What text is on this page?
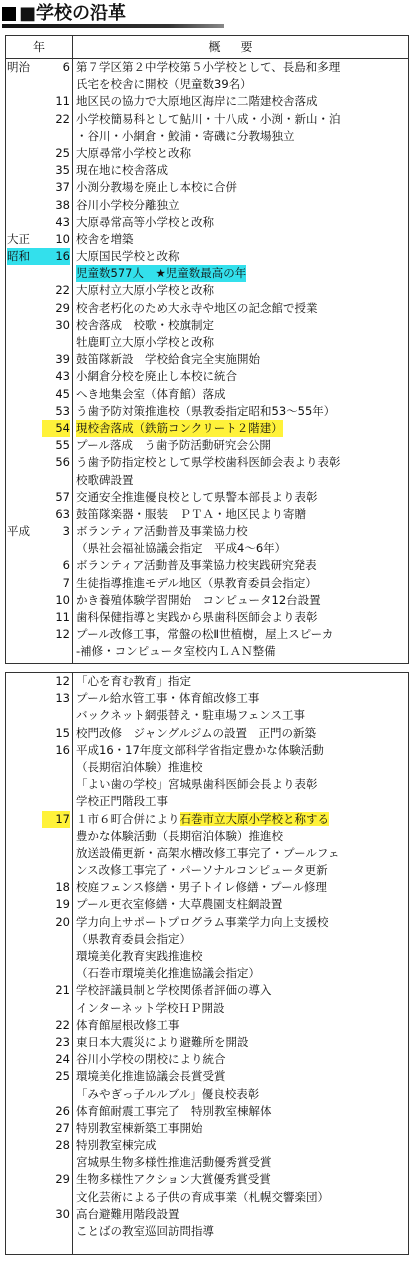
■学校の沿革
年	概要
明治	6 第７学区第２中学校第５小学校として、長島和多理
氏宅を校舎に開校（児童数39名）
11 地区民の協力で大原地区海岸に二階建校舎落成
22 小学校簡易科として鮎川・十八成・小渕・新山・泊
・谷川・小網倉・鮫浦・寄磯に分教場独立
25 大原尋常小学校と改称
35 現在地に校舎落成
37 小渕分教場を廃止し本校に合併
38 谷川小学校分離独立
43 大原尋常高等小学校と改称
大正	10 校舎を増築
昭和	16 大原国民学校と改称
児童数577人　★児童数最高の年
22 大原村立大原小学校と改称
29 校舎老朽化のため大永寺や地区の記念館で授業
30 校舎落成　校歌・校旗制定
牡鹿町立大原小学校と改称
39 鼓笛隊新設　学校給食完全実施開始
43 小網倉分校を廃止し本校に統合
45 へき地集会室（体育館）落成
53 う歯予防対策推進校（県教委指定昭和53～55年）
54 現校舎落成（鉄筋コンクリート２階建）
55 プール落成　う歯予防活動研究会公開
56 う歯予防指定校として県学校歯科医師会表より表彰
校歌碑設置
57 交通安全推進優良校として県警本部長より表彰
63 鼓笛隊楽器・服装　ＰＴＡ・地区民より寄贈
平成	3 ボランティア活動普及事業協力校
（県社会福祉協議会指定　平成4～6年）
6 ボランティア活動普及事業協力校実践研究発表
7 生徒指導推進モデル地区（県教育委員会指定）
10 かき養殖体験学習開始　コンピュータ12台設置
11 歯科保健指導と実践から県歯科医師会より表彰
12 プール改修工事，常盤の松Ⅱ世植樹，屋上スピーカ
-補修・コンピュータ室校内ＬＡＮ整備
12 「心を育む教育」指定
13 プール給水管工事・体育館改修工事
バックネット網張替え・駐車場フェンス工事
15 校門改修　ジャングルジムの設置　正門の新築
16 平成16・17年度文部科学省指定豊かな体験活動
（長期宿泊体験）推進校
「よい歯の学校」宮城県歯科医師会長より表彰
学校正門階段工事
17 １市６町合併により石巻市立大原小学校と称する
豊かな体験活動（長期宿泊体験）推進校
放送設備更新・高架水槽改修工事完了・プールフェ
ンス改修工事完了・パーソナルコンピュータ更新
18 校庭フェンス修繕・男子トイレ修繕・プール修理
19 プール更衣室修繕・大草農園支柱網設置
20 学力向上サポートプログラム事業学力向上支援校
（県教育委員会指定）
環境美化教育実践推進校
（石巻市環境美化推進協議会指定）
21 学校評議員制と学校関係者評価の導入
インターネット学校ＨＰ開設
22 体育館屋根改修工事
23 東日本大震災により避難所を開設
24 谷川小学校の閉校により統合
25 環境美化推進協議会長賞受賞
「みやぎっ子ルルブル」優良校表彰
26 体育館耐震工事完了　特別教室棟解体
27 特別教室棟新築工事開始
28 特別教室棟完成
宮城県生物多様性推進活動優秀賞受賞
29 生物多様性アクション大賞優秀賞受賞
文化芸術による子供の育成事業（札幌交響楽団）
30 高台避難用階段設置
ことばの教室巡回訪問指導
